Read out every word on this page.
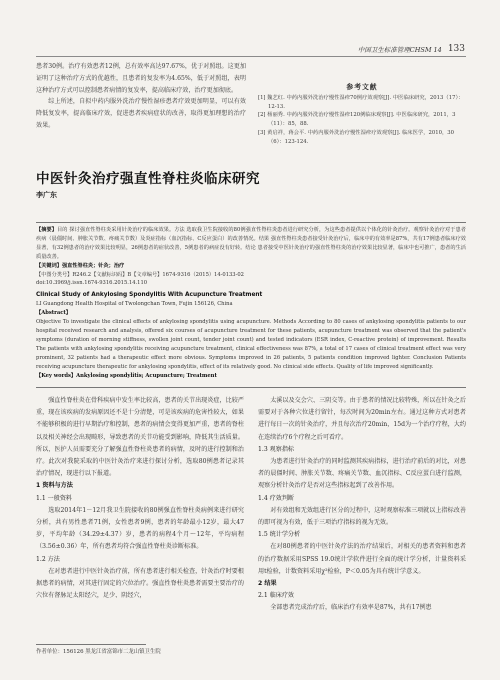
中国卫生标准管理CHSM 14 133

患者30例。治疗有效患者12例，总有效率高达97.67%，优于对照组。这更加证明了这种治疗方式的优越性，且患者的复发率为4.65%，低于对照组，表明这种治疗方式可以控制患者病情的复发率，提高临床疗效，治疗更加彻底。

综上所述，自拟中药内服外洗治疗慢性湿疹患者疗效更加明显，可以有效降低复发率，提高临床疗效，促进患者疾病症状的改善，取得更加理想的治疗效果。

参考文献
[1] 魏艺红. 中药内服外洗治疗慢性湿疹70例疗效观察[J]. 中医临床研究，2013（17）：12-13.
[2] 杨丽秀. 中药内服外洗治疗慢性湿疹120例临床观察[J]. 中医临床研究，2011，3（11）：85，88.
[3] 黄启祥，蒋会平. 中药内服外洗治疗慢性湿疹疗效观察[J]. 临床医学，2010，30（6）：123-124.
中医针灸治疗强直性脊柱炎临床研究
李广东

【摘要】目的 探讨强直性脊柱炎采用针灸治疗的临床效果。方法 选取我卫生院接收的80例强直性脊柱炎患者进行研究分析，为这些患者提供以个体化的针灸治疗。观察针灸治疗对于患者疾病（晨僵时间、肿胀关节数、疼痛关节数）及炎症指标（血沉指标、C反应蛋白）的改善情况。结果 强直性脊柱炎患者接受针灸治疗后，临床中的有效率是87%，共有17例患者临床疗效显著，有32例患者的治疗效果比较明显，26例患者的症状改善，5例患者的病症没有好转。结论 患者接受中医针灸治疗的强直性脊柱炎的治疗效果比较显著，临床中也可推广，患者的生活质量改善。

【关键词】强直性脊柱炎；针灸；治疗

【中图分类号】R246.2【文献标识码】B【文章编号】1674-9316（2015）14-0133-02

doi:10.3969/j.issn.1674-9316.2015.14.110

Clinical Study of Ankylosing Spondylitis With Acupuncture Treatment

LI Guangdong Health Hospital of Twolongchan Town, Fujin 156126, China

【Abstract】

Objective To investigate the clinical effects of ankylosing spondylitis using acupuncture. Methods According to 80 cases of ankylosing spondylitis patients to our hospital received research and analysis, offered six courses of acupuncture treatment for these patients, acupuncture treatment was observed that the patient's symptoms (duration of morning stiffness, swollen joint count, tender joint count) and tested indicators (ESR index, C-reactive protein) of improvement. Results The patients with ankylosing spondylitis receiving acupuncture treatment, clinical effectiveness was 87%, a total of 17 cases of clinical treatment effect was very prominent, 32 patients had a therapeutic effect more obvious. Symptoms improved in 26 patients, 5 patients condition improved lighter. Conclusion Patients receiving acupuncture therapeutic for ankylosing spondylitis, effect of its relatively good. No clinical side effects. Quality of life improved significantly.

【Key words】Ankylosing spondylitis; Acupuncture; Treatment

强直性脊柱炎在骨科疾病中发生率比较高，患者的关节出现炎症，比较严重，现在该疾病的发病原因还不是十分清楚，可是该疾病的危害性较大，如果不能够积极的进行早期治疗和控制，患者的病情会变得更加严重，患者的脊柱以及相关神经会出现畸形，导致患者的关节功能受到影响，降低其生活质量。所以，医护人员需要充分了解强直性脊柱炎患者的病情，及时的进行控制和治疗。此次对我院采取的中医针灸治疗来进行探讨分析，选取80例患者记录其治疗情况，现进行以下报道。

1 资料与方法

1.1 一般资料

选取2014年1－12月我卫生院接收的80例强直性脊柱炎病例来进行研究分析，共有男性患者71例，女性患者9例，患者的年龄最小12岁，最大47岁，平均年龄（34.29±4.37）岁，患者的病程4个月～12年，平均病程（3.56±0.36）年，所有患者均符合强直性脊柱炎诊断标准。

1.2 方法

在对患者进行中医针灸治疗前，所有患者进行相关检查，针灸治疗时要根据患者的病情，对其进行固定的穴位治疗。强直性脊柱炎患者需要主要治疗的穴位有督脉足太阳经穴，足少、阴经穴，

太溪以及交会穴、三阴交等。由于患者的情况比较特殊，所以在针灸之后需要对于各种穴位进行留针，每次时间为20min左右。通过这种方式对患者进行每日一次的针灸治疗，并且每次治疗20min，15d为一个治疗疗程，大约在连续治疗6个疗程之后可看疗。

1.3 观察指标

为患者进行针灸治疗的同时监测其疾病指标，进行治疗前后的对比，对患者的晨僵时间、肿胀关节数、疼痛关节数、血沉指标、C反应蛋白进行监测，观察分析针灸治疗是否对这些指标起到了改善作用。

1.4 疗效判断

对有效组和无效组进行区分的过程中，这时观察标准三项就以上指标改善的即可视为有效，低于三项治疗指标的视为无效。

1.5 统计学分析

在对80例患者的中医针灸疗法的治疗结果后，对相关的患者资料和患者的治疗数据采用SPSS 19.0统计学软件进行全面的统计学分析，计量资料采用t检验，计数资料采用χ²检验，P＜0.05为具有统计学意义。

2 结果

2.1 临床疗效

全部患者完成治疗后，临床治疗有效率是87%，共有17例患

作者单位：156126 黑龙江省富锦市二龙山镇卫生院
